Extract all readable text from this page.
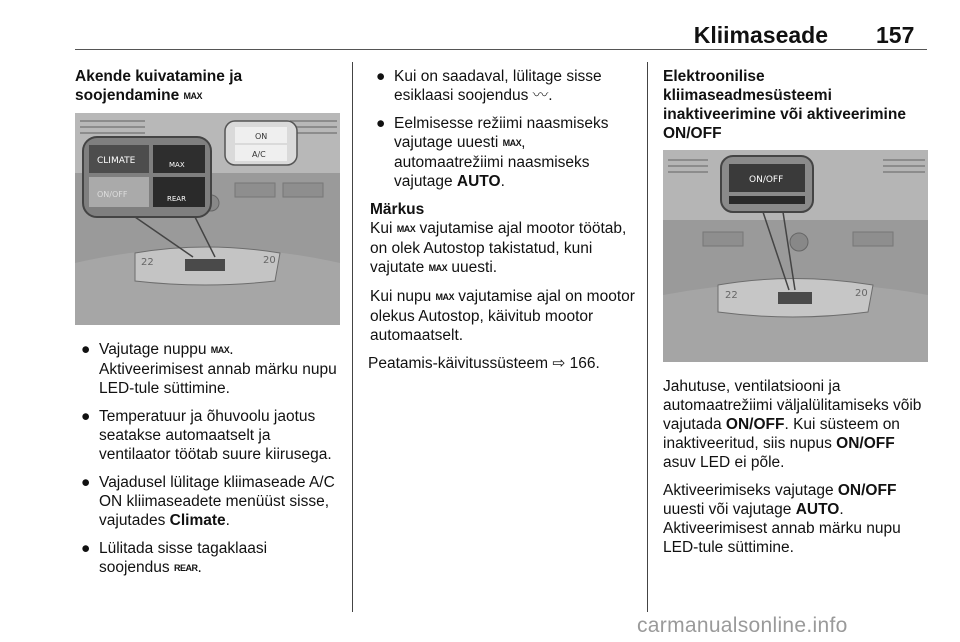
Kliimaseade 157
Akende kuivatamine ja soojendamine MAX
22	20
ON
A/C
CLIMATE	MAX
ON/OFF	REAR
● Vajutage nuppu MAX. Aktiveerimisest annab märku nupu LED-tule süttimine.
● Temperatuur ja õhuvoolu jaotus seatakse automaatselt ja ventilaator töötab suure kiirusega.
● Vajadusel lülitage kliimaseade A/C ON kliimaseadete menüüst sisse, vajutades Climate.
● Lülitada sisse tagaklaasi soojendus REAR.
● Kui on saadaval, lülitage sisse esiklaasi soojendus 〰.
● Eelmisesse režiimi naasmiseks vajutage uuesti MAX, automaatrežiimi naasmiseks vajutage AUTO.
Märkus

Kui MAX vajutamise ajal mootor töötab, on olek Autostop takistatud, kuni vajutate MAX uuesti.

Kui nupu MAX vajutamise ajal on mootor olekus Autostop, käivitub mootor automaatselt.

Peatamis-käivitussüsteem ⇨ 166.

Elektroonilise kliimaseadmesüsteemi inaktiveerimine või aktiveerimine ON/OFF
22	20
ON/OFF

Jahutuse, ventilatsiooni ja automaatrežiimi väljalülitamiseks võib vajutada ON/OFF. Kui süsteem on inaktiveeritud, siis nupus ON/OFF asuv LED ei põle.

Aktiveerimiseks vajutage ON/OFF uuesti või vajutage AUTO. Aktiveerimisest annab märku nupu LED-tule süttimine.

carmanualsonline.info
